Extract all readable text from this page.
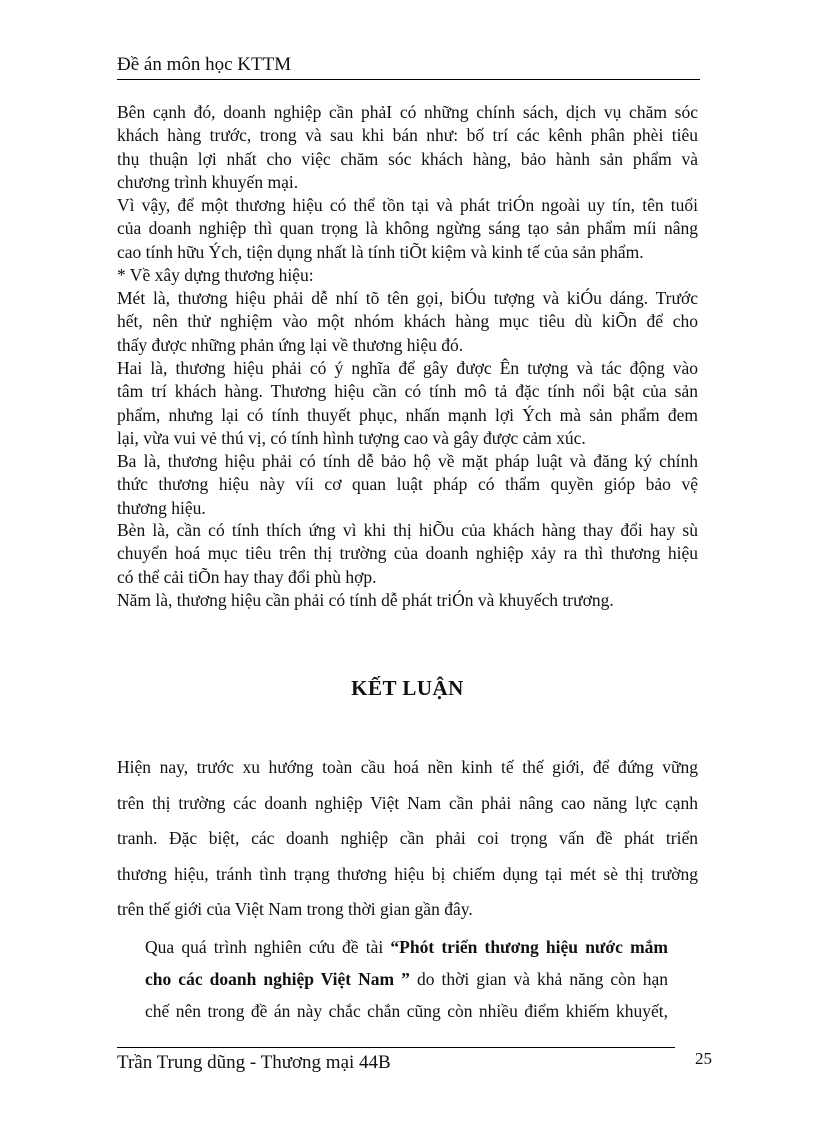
Đề án môn học KTTM
Bên cạnh đó, doanh nghiệp cần phảI có những chính sách, dịch vụ chăm sóc
khách hàng trước, trong và sau khi bán như: bố trí các kênh phân phèi tiêu
thụ thuận lợi nhất cho việc chăm sóc khách hàng, bảo hành sản phẩm và
chương trình khuyến mại.
Vì vậy, để một thương hiệu có thể tồn tại và phát triÓn ngoài uy tín, tên tuổi
của doanh nghiệp thì quan trọng là không ngừng sáng tạo sản phẩm míi nâng
cao tính hữu Ých, tiện dụng nhất là tính tiÕt kiệm và kinh tế của sản phẩm.
* Về xây dựng thương hiệu:
Mét là, thương hiệu phải dễ nhí tõ tên gọi, biÓu tượng và kiÓu dáng. Trước
hết, nên thử nghiệm vào một nhóm khách hàng mục tiêu dù kiÕn để cho
thấy được những phản ứng lại về thương hiệu đó.
Hai là, thương hiệu phải có ý nghĩa để gây được Ên tượng và tác động vào
tâm trí khách hàng. Thương hiệu cần có tính mô tả đặc tính nổi bật của sản
phẩm, nhưng lại có tính thuyết phục, nhấn mạnh lợi Ých mà sản phẩm đem
lại, vừa vui vẻ thú vị, có tính hình tượng cao và gây được cảm xúc.
Ba là, thương hiệu phải có tính dễ bảo hộ về mặt pháp luật và đăng ký chính
thức thương hiệu này víi cơ quan luật pháp có thẩm quyền gióp bảo vệ
thương hiệu.
Bèn là, cần có tính thích ứng vì khi thị hiÕu của khách hàng thay đổi hay sù
chuyển hoá mục tiêu trên thị trường của doanh nghiệp xảy ra thì thương hiệu
có thể cải tiÕn hay thay đổi phù hợp.
Năm là, thương hiệu cần phải có tính dễ phát triÓn và khuyếch trương.
KẾT LUẬN
Hiện nay, trước xu hướng toàn cầu hoá nền kinh tế thế giới, để đứng vững
trên thị trường các doanh nghiệp Việt Nam cần phải nâng cao năng lực cạnh
tranh. Đặc biệt, các doanh nghiệp cần phải coi trọng vấn đề phát triển
thương hiệu, tránh tình trạng thương hiệu bị chiếm dụng tại mét sè thị trường
trên thế giới của Việt Nam trong thời gian gần đây.
Qua quá trình nghiên cứu đề tài “Phót triển thương hiệu nước mắm
cho các doanh nghiệp Việt Nam ” do thời gian và khả năng còn hạn
chế nên trong đề án này chắc chắn cũng còn nhiều điểm khiếm khuyết,
Trần Trung dũng - Thương mại 44B	25
